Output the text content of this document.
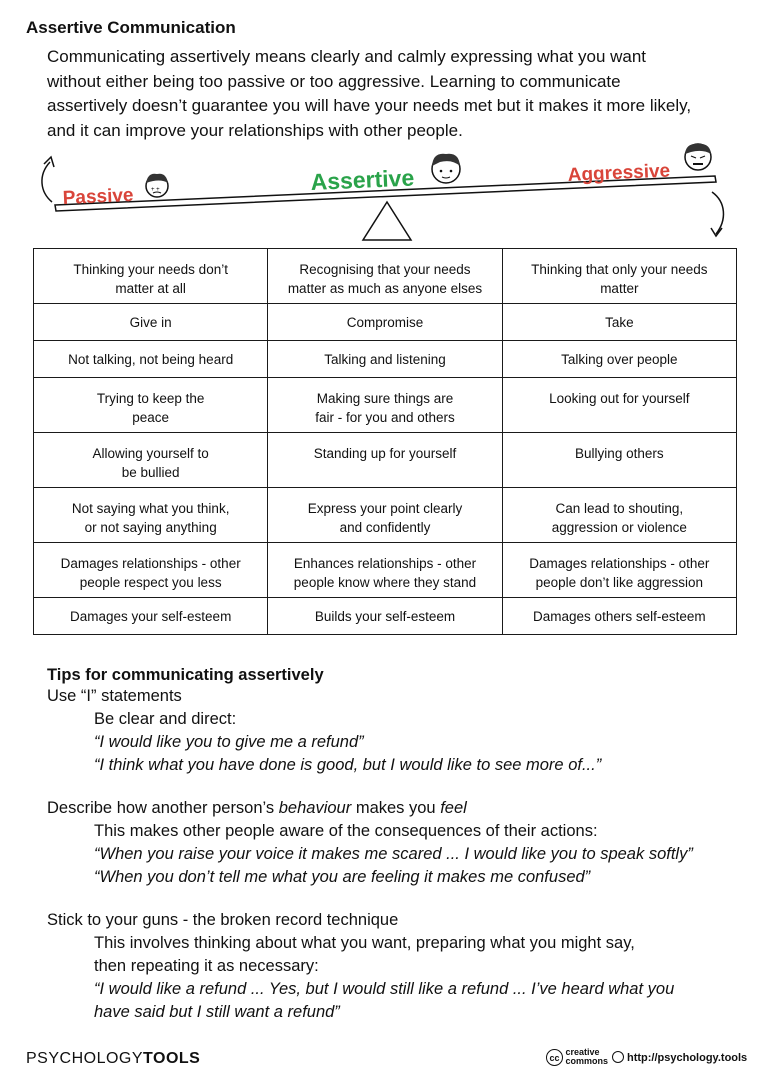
Assertive Communication
Communicating assertively means clearly and calmly expressing what you want
without either being too passive or too aggressive. Learning to communicate
assertively doesn’t guarantee you will have your needs met but it makes it more likely,
and it can improve your relationships with other people.
Passive
Assertive	Aggressive
+ +
Thinking your needs don’t
matter at all	Recognising that your needs
matter as much as anyone elses	Thinking that only your needs
matter

Give in	Compromise	Take

Not talking, not being heard	Talking and listening	Talking over people

Trying to keep the
peace	Making sure things are
fair - for you and others	Looking out for yourself

Allowing yourself to
be bullied	Standing up for yourself	Bullying others

Not saying what you think,
or not saying anything	Express your point clearly
and confidently	Can lead to shouting,
aggression or violence

Damages relationships - other
people respect you less	Enhances relationships - other
people know where they stand	Damages relationships - other
people don’t like aggression

Damages your self-esteem	Builds your self-esteem	Damages others self-esteem
Tips for communicating assertively
Use “I” statements
Be clear and direct:
“I would like you to give me a refund”
“I think what you have done is good, but I would like to see more of...”
Describe how another person’s behaviour makes you feel
This makes other people aware of the consequences of their actions:
“When you raise your voice it makes me scared ... I would like you to speak softly”
“When you don’t tell me what you are feeling it makes me confused”
Stick to your guns - the broken record technique
This involves thinking about what you want, preparing what you might say,
then repeating it as necessary:
“I would like a refund ... Yes, but I would still like a refund ... I’ve heard what you
have said but I still want a refund”
PSYCHOLOGYTOOLS	cc creative
commons	http://psychology.tools
